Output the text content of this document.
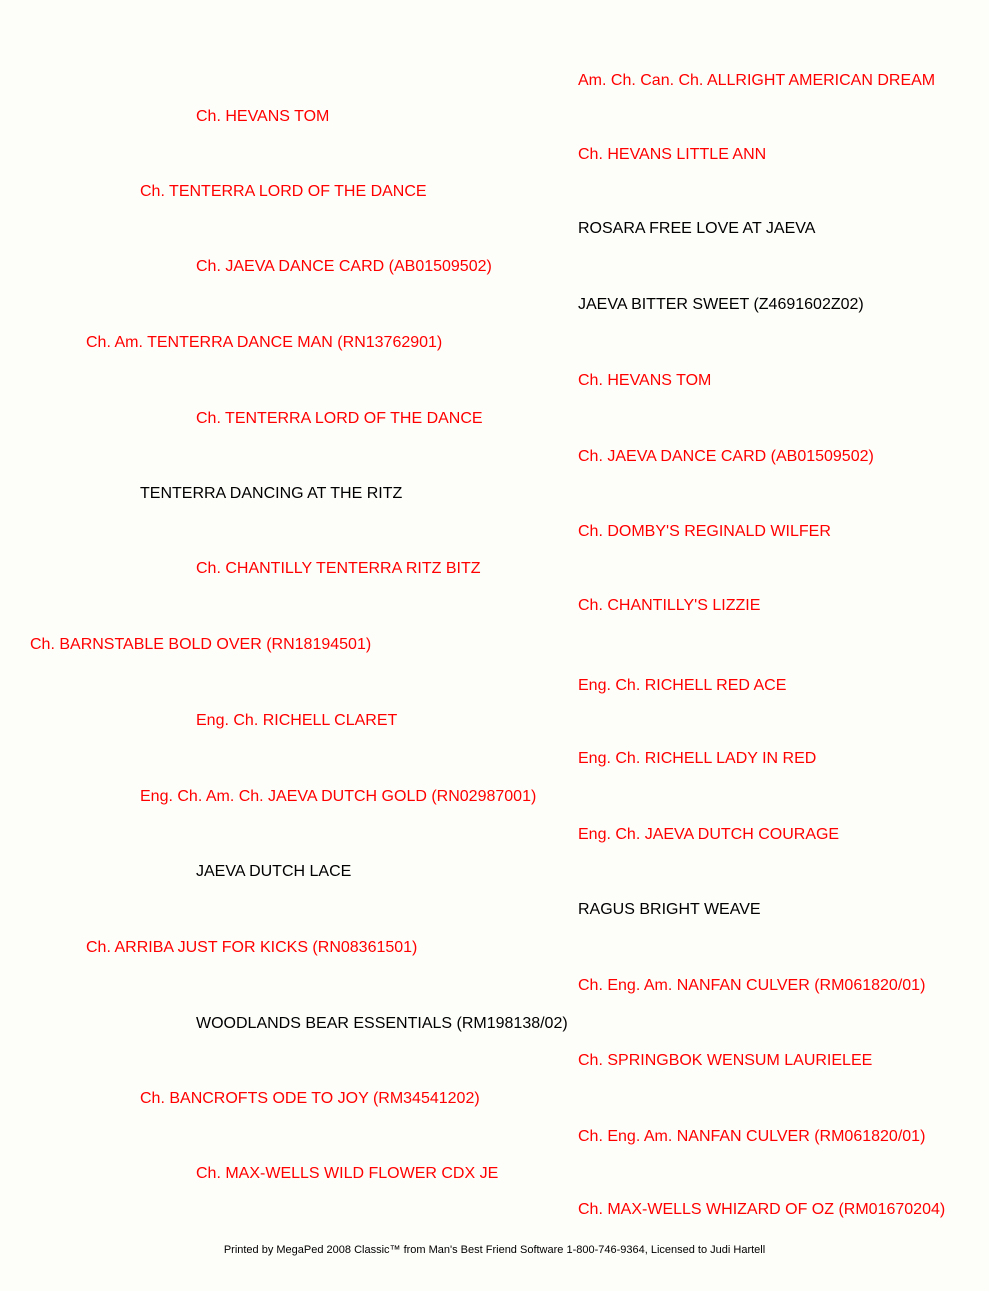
Ch. BARNSTABLE BOLD OVER (RN18194501)
Ch. Am. TENTERRA DANCE MAN (RN13762901)
Ch. ARRIBA JUST FOR KICKS (RN08361501)
Ch. TENTERRA LORD OF THE DANCE
TENTERRA DANCING AT THE RITZ
Eng. Ch. Am. Ch. JAEVA DUTCH GOLD (RN02987001)
Ch. BANCROFTS ODE TO JOY (RM34541202)
Ch. HEVANS TOM
Ch. JAEVA DANCE CARD (AB01509502)
Ch. TENTERRA LORD OF THE DANCE
Ch. CHANTILLY TENTERRA RITZ BITZ
Eng. Ch. RICHELL CLARET
JAEVA DUTCH LACE
WOODLANDS BEAR ESSENTIALS (RM198138/02)
Ch. MAX-WELLS WILD FLOWER CDX JE
Am. Ch. Can. Ch. ALLRIGHT AMERICAN DREAM
Ch. HEVANS LITTLE ANN
ROSARA FREE LOVE AT JAEVA
JAEVA BITTER SWEET (Z4691602Z02)
Ch. HEVANS TOM
Ch. JAEVA DANCE CARD (AB01509502)
Ch. DOMBY'S REGINALD WILFER
Ch. CHANTILLY'S LIZZIE
Eng. Ch. RICHELL RED ACE
Eng. Ch. RICHELL LADY IN RED
Eng. Ch. JAEVA DUTCH COURAGE
RAGUS BRIGHT WEAVE
Ch. Eng. Am. NANFAN CULVER (RM061820/01)
Ch. SPRINGBOK WENSUM LAURIELEE
Ch. Eng. Am. NANFAN CULVER (RM061820/01)
Ch. MAX-WELLS WHIZARD OF OZ (RM01670204)
Printed by MegaPed 2008 Classic™ from Man's Best Friend Software 1-800-746-9364, Licensed to Judi Hartell
